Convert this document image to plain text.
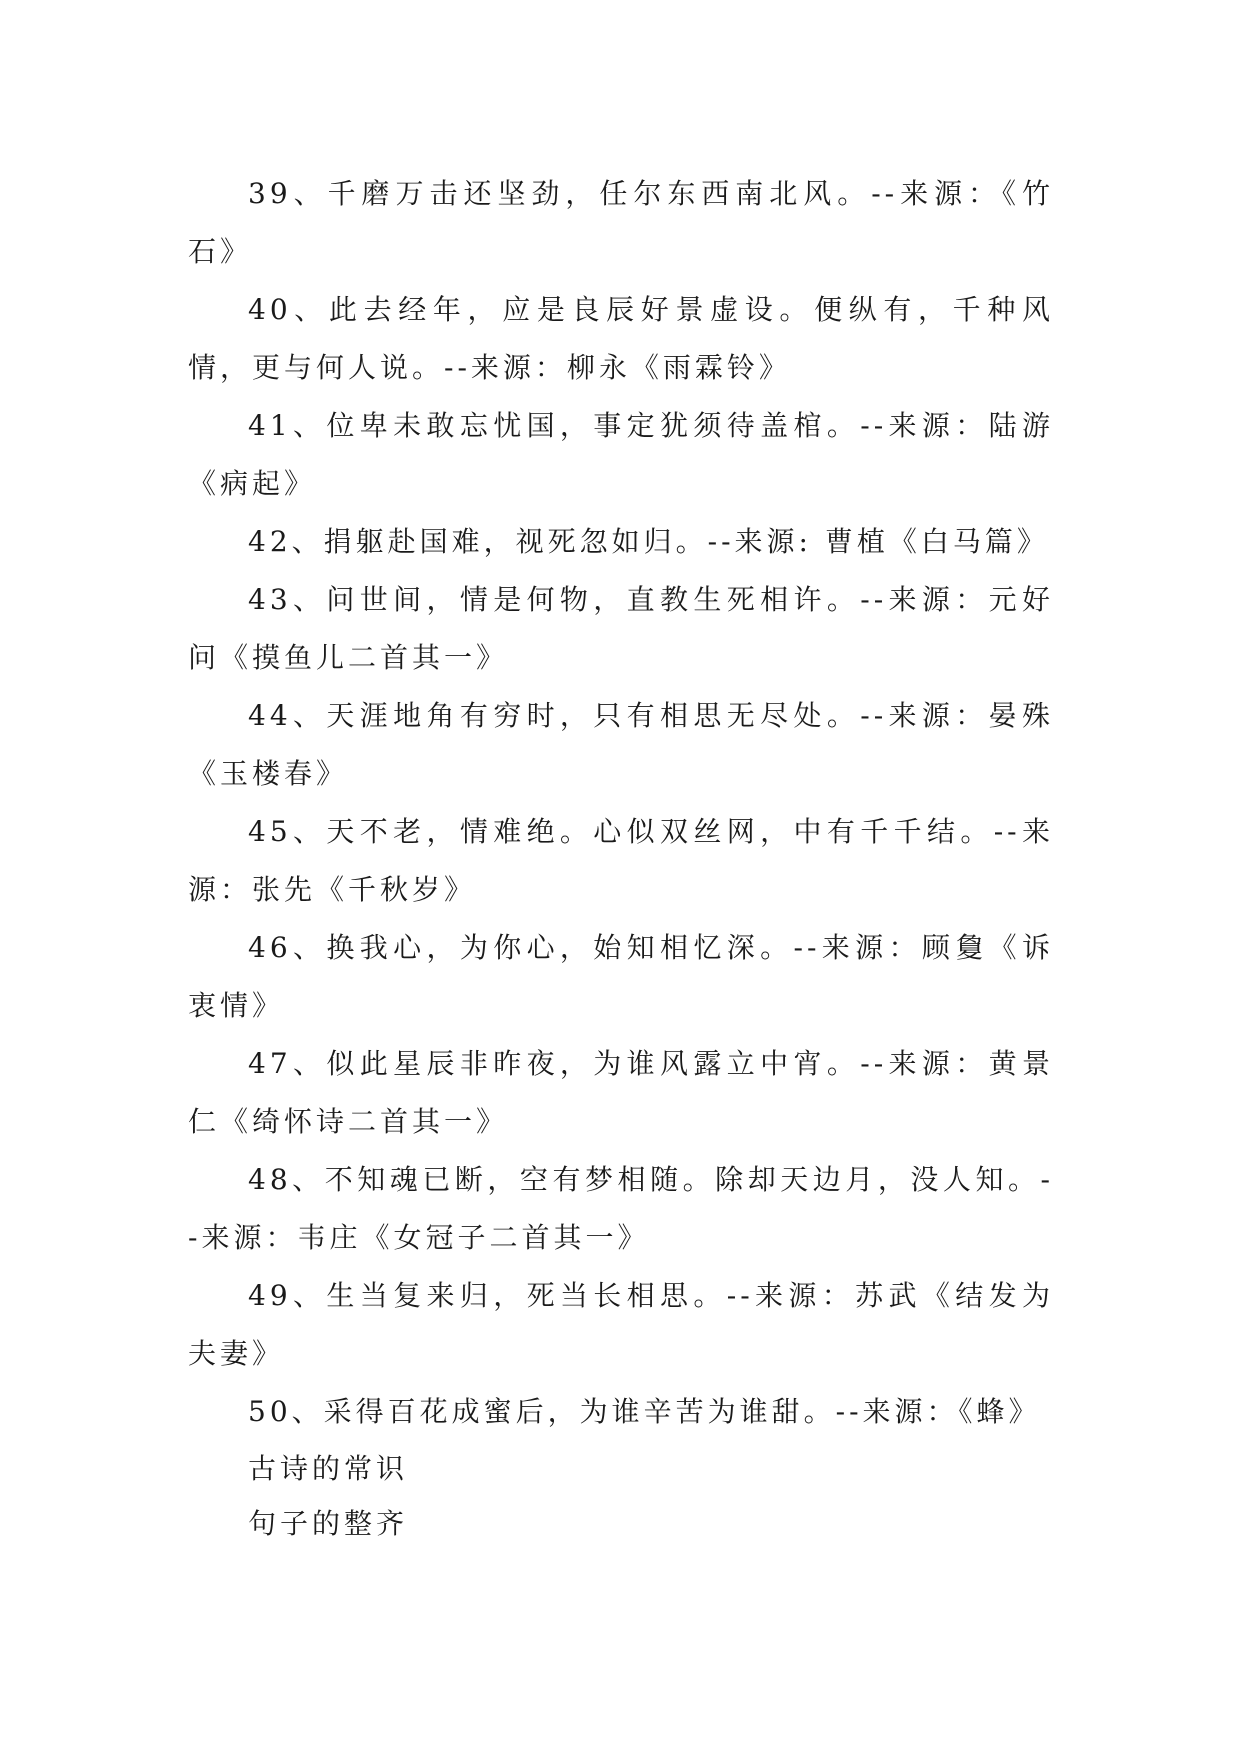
39、千磨万击还坚劲，任尔东西南北风。--来源：《竹石》

40、此去经年，应是良辰好景虚设。便纵有，千种风情，更与何人说。--来源：柳永《雨霖铃》

41、位卑未敢忘忧国，事定犹须待盖棺。--来源：陆游《病起》

42、捐躯赴国难，视死忽如归。--来源: 曹植《白马篇》

43、问世间，情是何物，直教生死相许。--来源：元好问《摸鱼儿二首其一》

44、天涯地角有穷时，只有相思无尽处。--来源：晏殊《玉楼春》

45、天不老，情难绝。心似双丝网，中有千千结。--来源：张先《千秋岁》

46、换我心，为你心，始知相忆深。--来源：顾敻《诉衷情》

47、似此星辰非昨夜，为谁风露立中宵。--来源：黄景仁《绮怀诗二首其一》

48、不知魂已断，空有梦相随。除却天边月，没人知。--来源：韦庄《女冠子二首其一》

49、生当复来归，死当长相思。--来源：苏武《结发为夫妻》

50、采得百花成蜜后，为谁辛苦为谁甜。--来源：《蜂》

古诗的常识

句子的整齐
